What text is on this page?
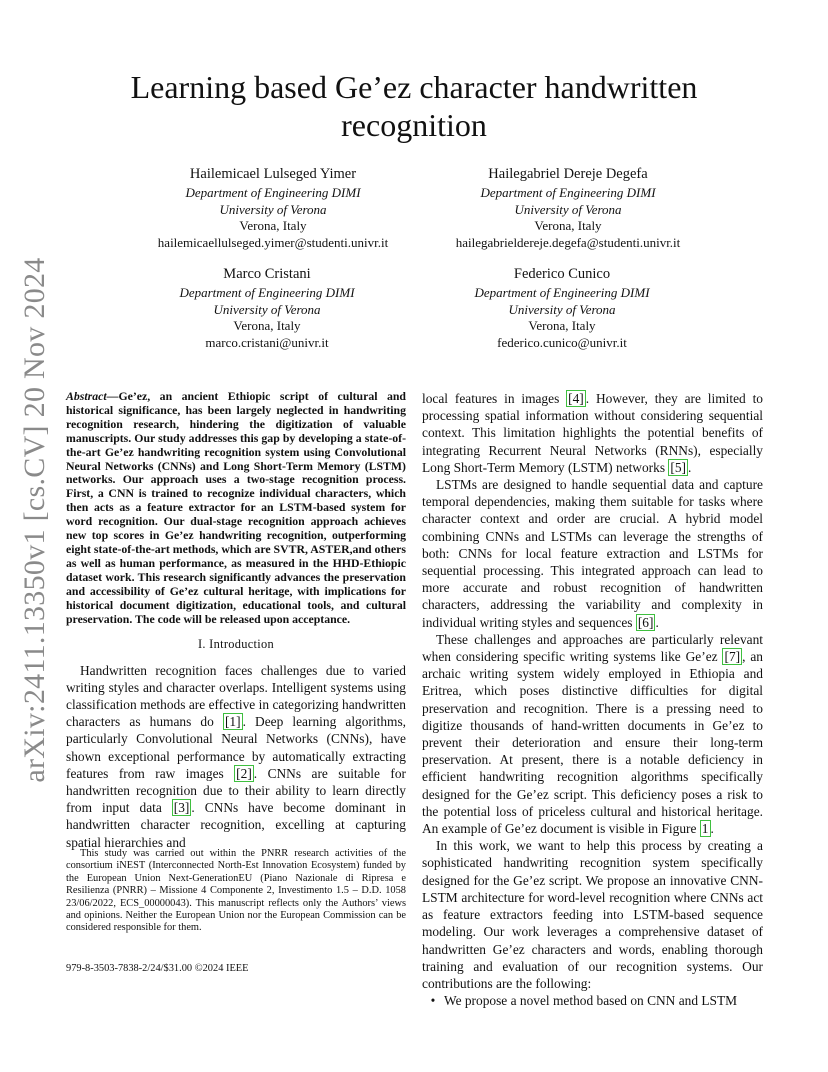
arXiv:2411.13350v1 [cs.CV] 20 Nov 2024
Learning based Ge’ez character handwritten recognition
Hailemicael Lulseged Yimer
Department of Engineering DIMI
University of Verona
Verona, Italy
hailemicaellulseged.yimer@studenti.univr.it
Hailegabriel Dereje Degefa
Department of Engineering DIMI
University of Verona
Verona, Italy
hailegabrieldereje.degefa@studenti.univr.it
Marco Cristani
Department of Engineering DIMI
University of Verona
Verona, Italy
marco.cristani@univr.it
Federico Cunico
Department of Engineering DIMI
University of Verona
Verona, Italy
federico.cunico@univr.it

Abstract—Ge’ez, an ancient Ethiopic script of cultural and historical significance, has been largely neglected in handwriting recognition research, hindering the digitization of valuable manuscripts. Our study addresses this gap by developing a state-of-the-art Ge’ez handwriting recognition system using Convolutional Neural Networks (CNNs) and Long Short-Term Memory (LSTM) networks. Our approach uses a two-stage recognition process. First, a CNN is trained to recognize individual characters, which then acts as a feature extractor for an LSTM-based system for word recognition. Our dual-stage recognition approach achieves new top scores in Ge’ez handwriting recognition, outperforming eight state-of-the-art methods, which are SVTR, ASTER,and others as well as human performance, as measured in the HHD-Ethiopic dataset work. This research significantly advances the preservation and accessibility of Ge’ez cultural heritage, with implications for historical document digitization, educational tools, and cultural preservation. The code will be released upon acceptance.

I. Introduction

Handwritten recognition faces challenges due to varied writing styles and character overlaps. Intelligent systems using classification methods are effective in categorizing handwritten characters as humans do [1] . Deep learning algorithms, particularly Convolutional Neural Networks (CNNs), have shown exceptional performance by automatically extracting features from raw images [2] . CNNs are suitable for handwritten recognition due to their ability to learn directly from input data [3] . CNNs have become dominant in handwritten character recognition, excelling at capturing spatial hierarchies and

This study was carried out within the PNRR research activities of the consortium iNEST (Interconnected North-Est Innovation Ecosystem) funded by the European Union Next-GenerationEU (Piano Nazionale di Ripresa e Resilienza (PNRR) – Missione 4 Componente 2, Investimento 1.5 – D.D. 1058 23/06/2022, ECS_00000043). This manuscript reflects only the Authors’ views and opinions. Neither the European Union nor the European Commission can be considered responsible for them.

979-8-3503-7838-2/24/$31.00 ©2024 IEEE

local features in images [4] . However, they are limited to processing spatial information without considering sequential context. This limitation highlights the potential benefits of integrating Recurrent Neural Networks (RNNs), especially Long Short-Term Memory (LSTM) networks [5] .

LSTMs are designed to handle sequential data and capture temporal dependencies, making them suitable for tasks where character context and order are crucial. A hybrid model combining CNNs and LSTMs can leverage the strengths of both: CNNs for local feature extraction and LSTMs for sequential processing. This integrated approach can lead to more accurate and robust recognition of handwritten characters, addressing the variability and complexity in individual writing styles and sequences [6] .

These challenges and approaches are particularly relevant when considering specific writing systems like Ge’ez [7] , an archaic writing system widely employed in Ethiopia and Eritrea, which poses distinctive difficulties for digital preservation and recognition. There is a pressing need to digitize thousands of hand-written documents in Ge’ez to prevent their deterioration and ensure their long-term preservation. At present, there is a notable deficiency in efficient handwriting recognition algorithms specifically designed for the Ge’ez script. This deficiency poses a risk to the potential loss of priceless cultural and historical heritage. An example of Ge’ez document is visible in Figure 1 .

In this work, we want to help this process by creating a sophisticated handwriting recognition system specifically designed for the Ge’ez script. We propose an innovative CNN-LSTM architecture for word-level recognition where CNNs act as feature extractors feeding into LSTM-based sequence modeling. Our work leverages a comprehensive dataset of handwritten Ge’ez characters and words, enabling thorough training and evaluation of our recognition systems. Our contributions are the following:

• We propose a novel method based on CNN and LSTM
